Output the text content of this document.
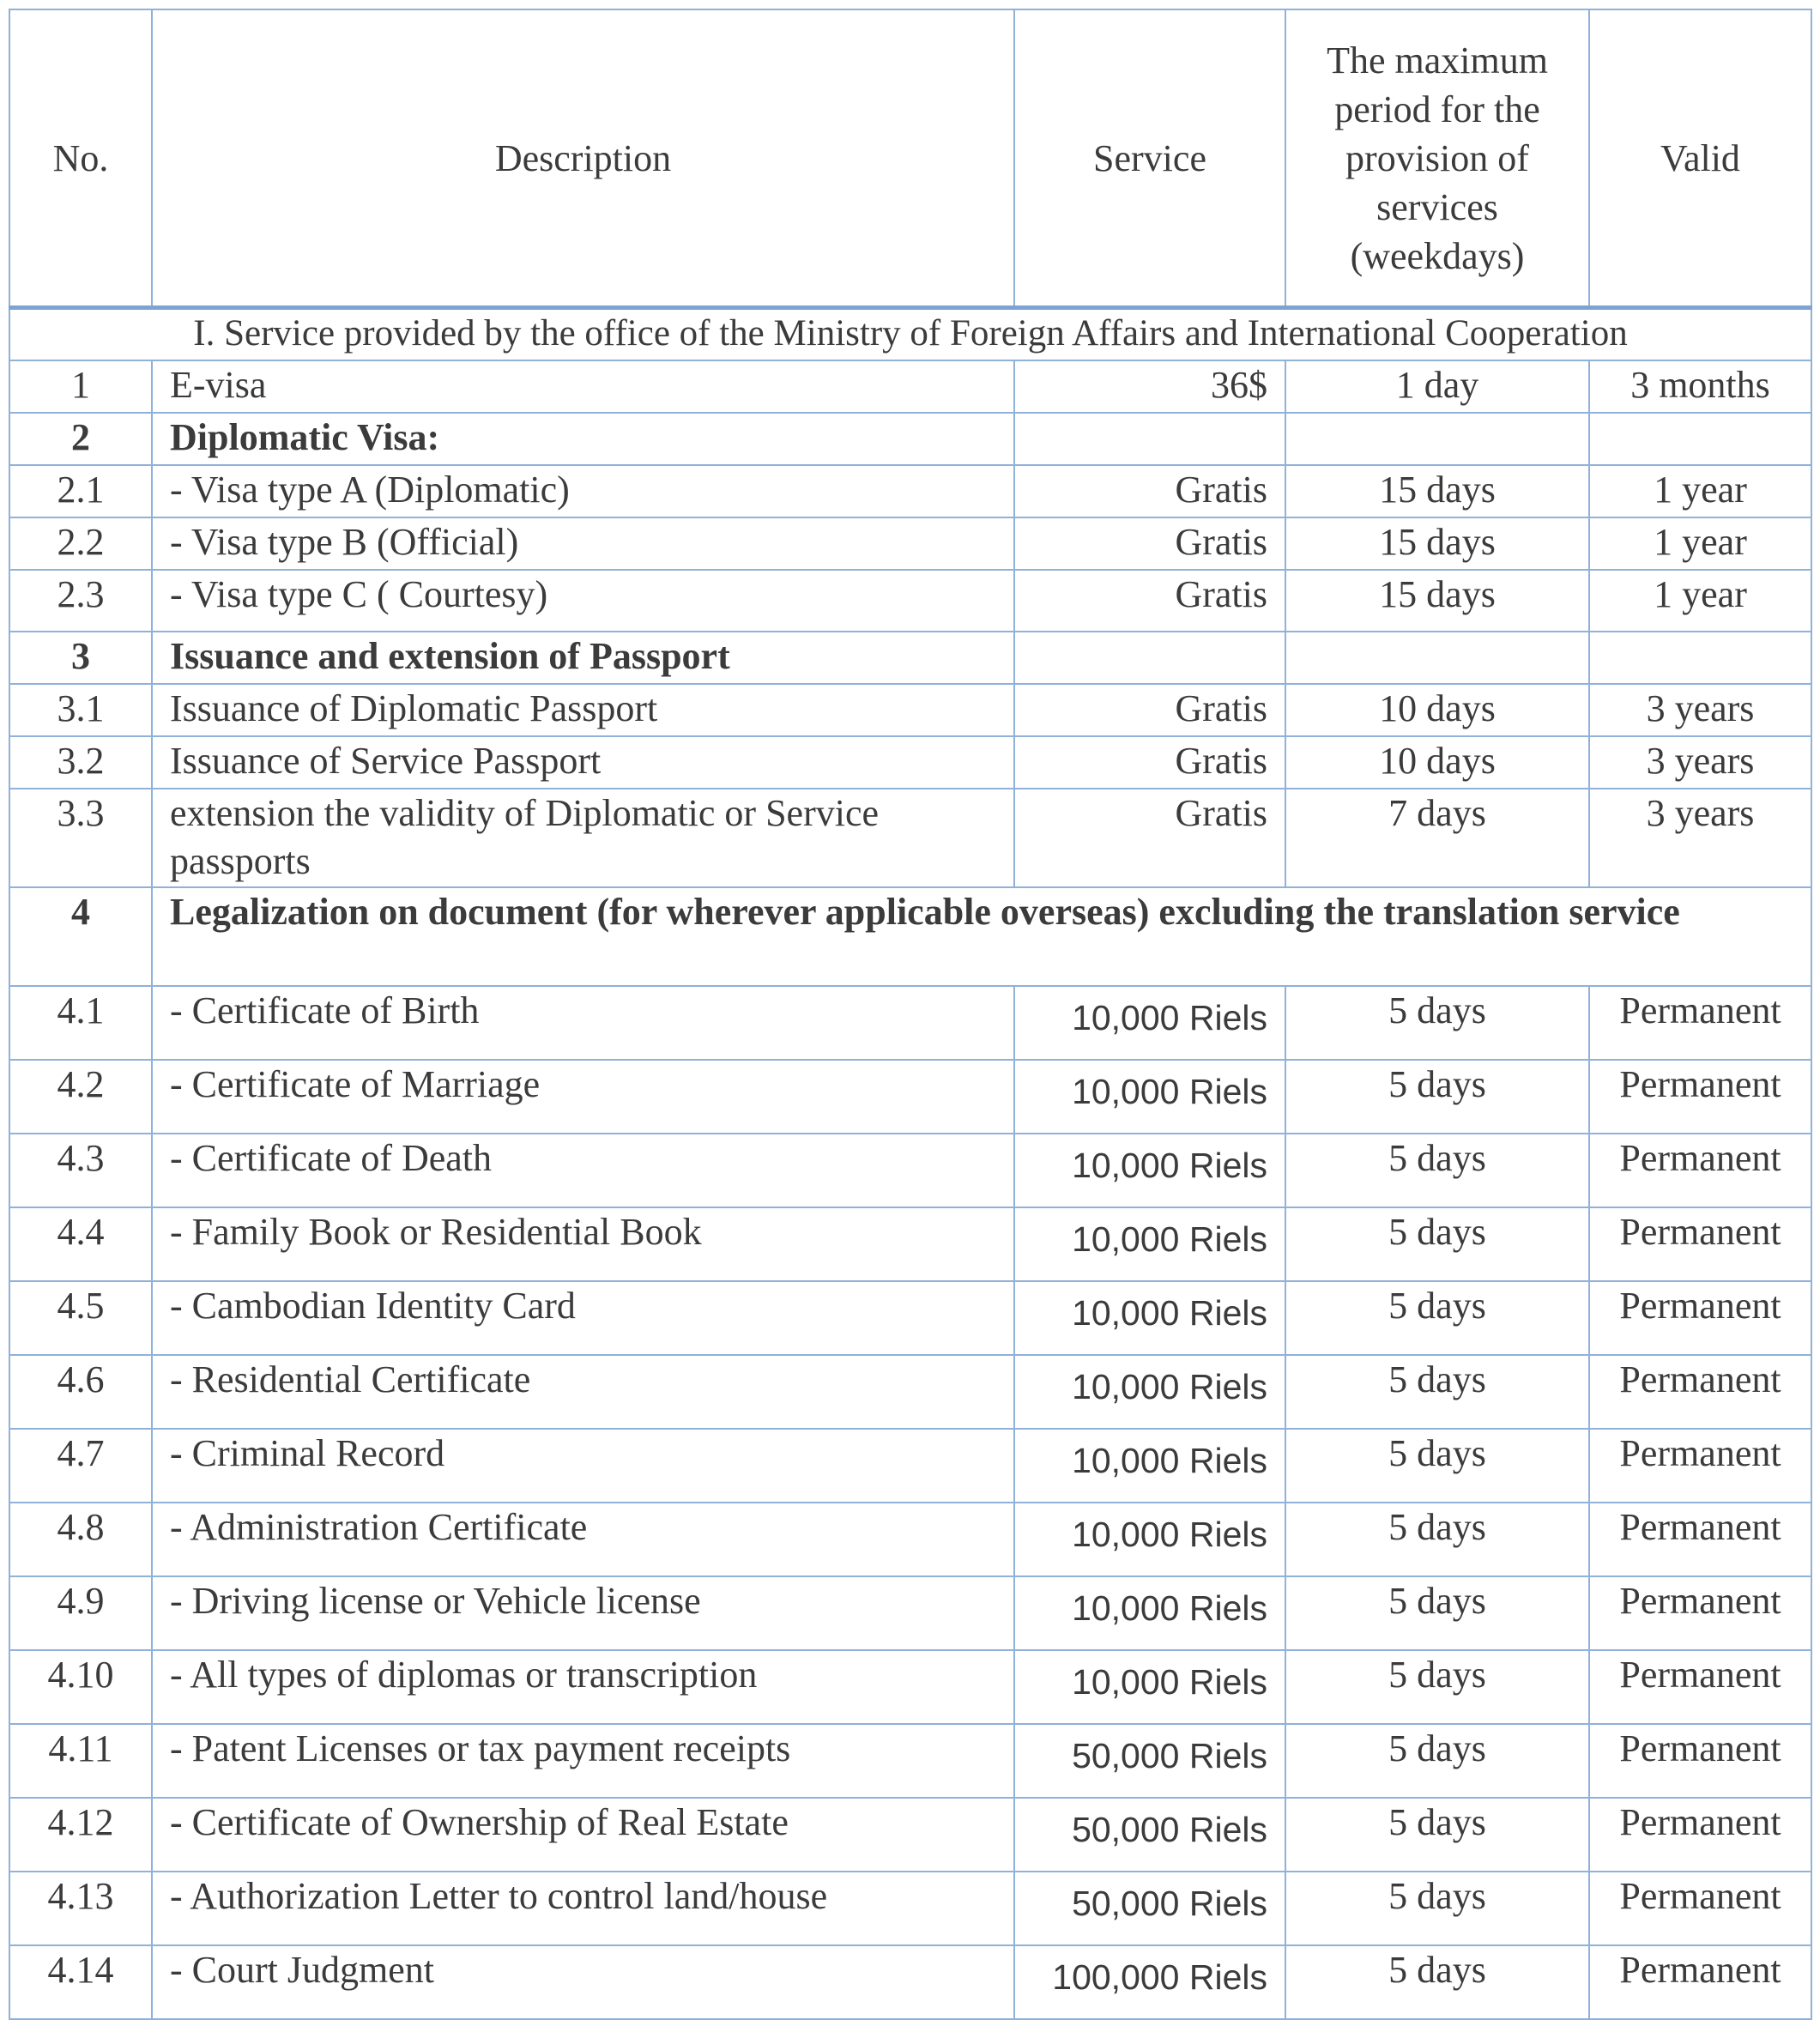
No.	Description	Service	The maximum period for the provision of services (weekdays)	Valid
I. Service provided by the office of the Ministry of Foreign Affairs and International Cooperation				
1	E-visa	36$	1 day	3 months
2	Diplomatic Visa:			
2.1	- Visa type A (Diplomatic)	Gratis	15 days	1 year
2.2	- Visa type B (Official)	Gratis	15 days	1 year
2.3	- Visa type C ( Courtesy)	Gratis	15 days	1 year
3	Issuance and extension of Passport			
3.1	Issuance of Diplomatic Passport	Gratis	10 days	3 years
3.2	Issuance of Service Passport	Gratis	10 days	3 years
3.3	extension the validity of Diplomatic or Service passports	Gratis	7 days	3 years
4	Legalization on document (for wherever applicable overseas) excluding the translation service			
4.1	- Certificate of Birth	10,000 Riels	5 days	Permanent
4.2	- Certificate of Marriage	10,000 Riels	5 days	Permanent
4.3	- Certificate of Death	10,000 Riels	5 days	Permanent
4.4	- Family Book or Residential Book	10,000 Riels	5 days	Permanent
4.5	- Cambodian Identity Card	10,000 Riels	5 days	Permanent
4.6	- Residential Certificate	10,000 Riels	5 days	Permanent
4.7	- Criminal Record	10,000 Riels	5 days	Permanent
4.8	- Administration Certificate	10,000 Riels	5 days	Permanent
4.9	- Driving license or Vehicle license	10,000 Riels	5 days	Permanent
4.10	- All types of diplomas or transcription	10,000 Riels	5 days	Permanent
4.11	- Patent Licenses or tax payment receipts	50,000 Riels	5 days	Permanent
4.12	- Certificate of Ownership of Real Estate	50,000 Riels	5 days	Permanent
4.13	- Authorization Letter to control land/house	50,000 Riels	5 days	Permanent
4.14	- Court Judgment	100,000 Riels	5 days	Permanent
